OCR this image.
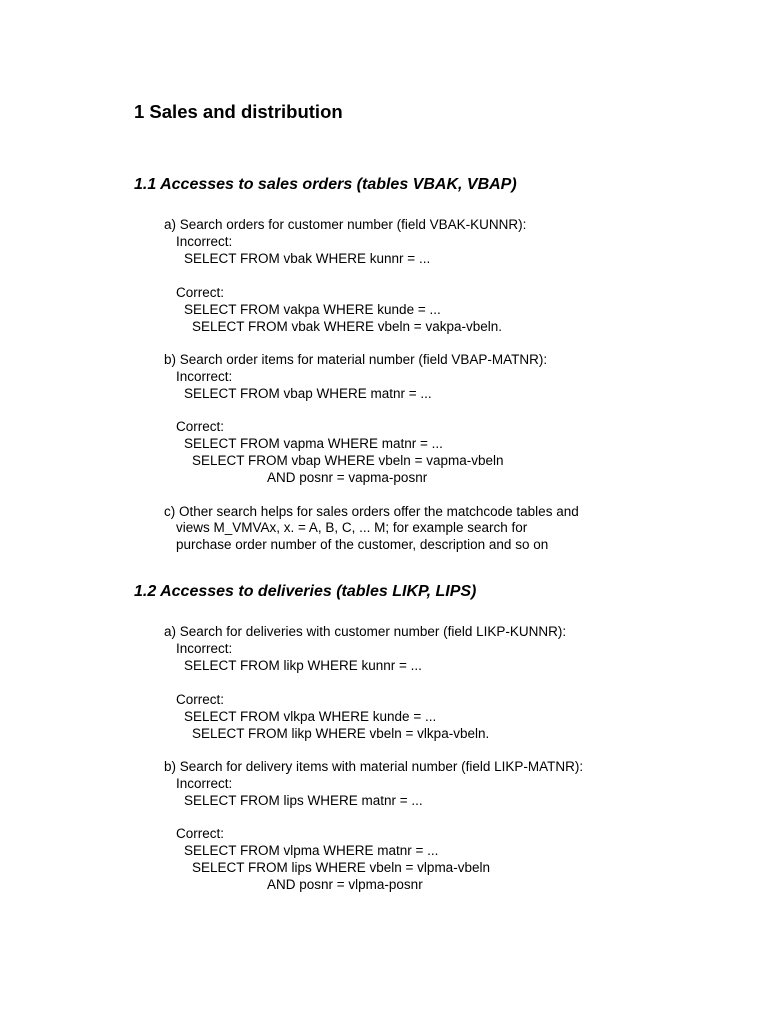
1 Sales and distribution
1.1 Accesses to sales orders (tables VBAK, VBAP)
a) Search orders for customer number (field VBAK-KUNNR):
Incorrect:
SELECT FROM vbak WHERE kunnr = ...
Correct:
SELECT FROM vakpa WHERE kunde = ...
SELECT FROM vbak WHERE vbeln = vakpa-vbeln.
b) Search order items for material number (field VBAP-MATNR):
Incorrect:
SELECT FROM vbap WHERE matnr = ...
Correct:
SELECT FROM vapma WHERE matnr = ...
SELECT FROM vbap WHERE vbeln = vapma-vbeln
AND posnr = vapma-posnr
c) Other search helps for sales orders offer the matchcode tables and
views M_VMVAx, x. = A, B, C, ... M; for example search for
purchase order number of the customer, description and so on
1.2 Accesses to deliveries (tables LIKP, LIPS)
a) Search for deliveries with customer number (field LIKP-KUNNR):
Incorrect:
SELECT FROM likp WHERE kunnr = ...
Correct:
SELECT FROM vlkpa WHERE kunde = ...
SELECT FROM likp WHERE vbeln = vlkpa-vbeln.
b) Search for delivery items with material number (field LIKP-MATNR):
Incorrect:
SELECT FROM lips WHERE matnr = ...
Correct:
SELECT FROM vlpma WHERE matnr = ...
SELECT FROM lips WHERE vbeln = vlpma-vbeln
AND posnr = vlpma-posnr
